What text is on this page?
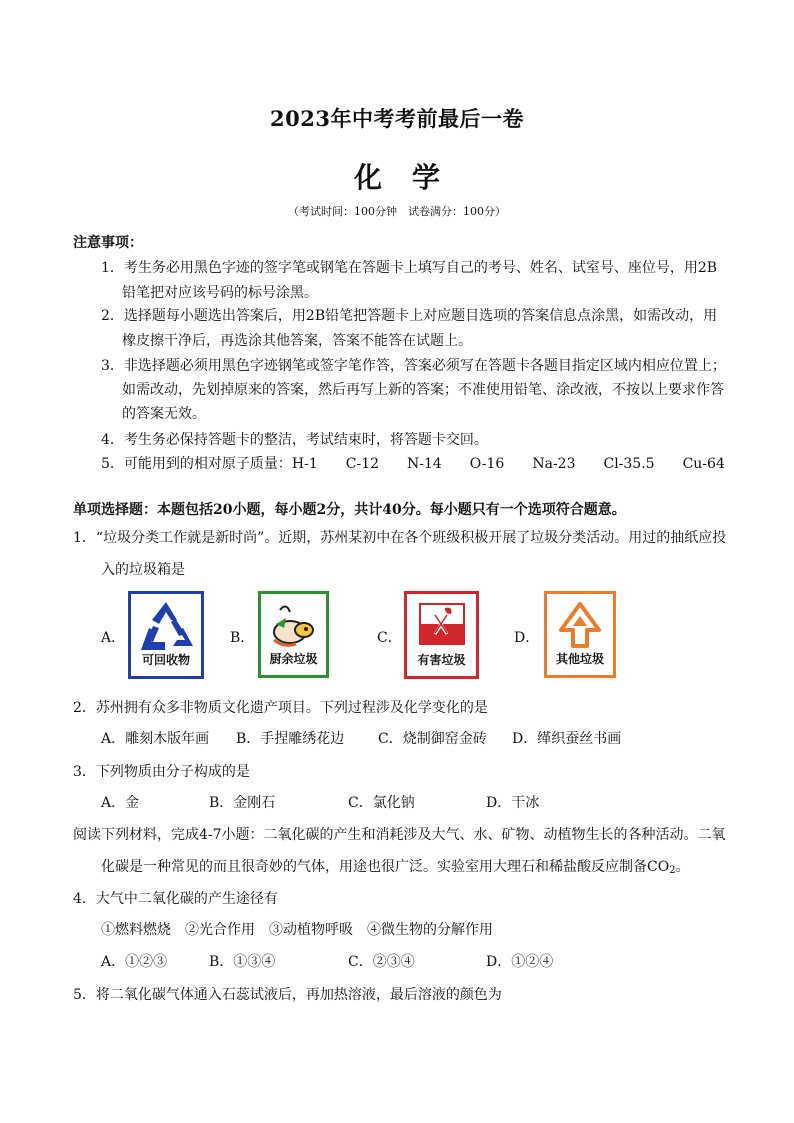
2023年中考考前最后一卷
化学
（考试时间：100分钟　试卷满分：100分）
注意事项：
1．考生务必用黑色字迹的签字笔或钢笔在答题卡上填写自己的考号、姓名、试室号、座位号，用2B
铅笔把对应该号码的标号涂黑。
2．选择题每小题选出答案后，用2B铅笔把答题卡上对应题目选项的答案信息点涂黑，如需改动，用
橡皮擦干净后，再选涂其他答案，答案不能答在试题上。
3．非选择题必须用黑色字迹钢笔或签字笔作答，答案必须写在答题卡各题目指定区域内相应位置上；
如需改动，先划掉原来的答案，然后再写上新的答案；不准使用铅笔、涂改液，不按以上要求作答
的答案无效。
4．考生务必保持答题卡的整洁，考试结束时，将答题卡交回。
5．可能用到的相对原子质量：H-1　　C-12　　N-14　　O-16　　Na-23　　Cl-35.5　　Cu-64
单项选择题：本题包括20小题，每小题2分，共计40分。每小题只有一个选项符合题意。
1．“垃圾分类工作就是新时尚”。近期，苏州某初中在各个班级积极开展了垃圾分类活动。用过的抽纸应投
入的垃圾箱是
A．	B．	C．	D．
可回收物	厨余垃圾	有害垃圾	其他垃圾
2．苏州拥有众多非物质文化遗产项目。下列过程涉及化学变化的是
A．雕刻木版年画 B．手捏雕绣花边 C．烧制御窑金砖 D．缂织蚕丝书画
3．下列物质由分子构成的是
A．金	B．金刚石	C．氯化钠	D．干冰
阅读下列材料，完成4-7小题：二氧化碳的产生和消耗涉及大气、水、矿物、动植物生长的各种活动。二氧
化碳是一种常见的而且很奇妙的气体，用途也很广泛。实验室用大理石和稀盐酸反应制备$CO_2$。
4．大气中二氧化碳的产生途径有
①燃料燃烧　②光合作用　③动植物呼吸　④微生物的分解作用
A．①②③	B．①③④	C．②③④	D．①②④
5．将二氧化碳气体通入石蕊试液后，再加热溶液，最后溶液的颜色为
